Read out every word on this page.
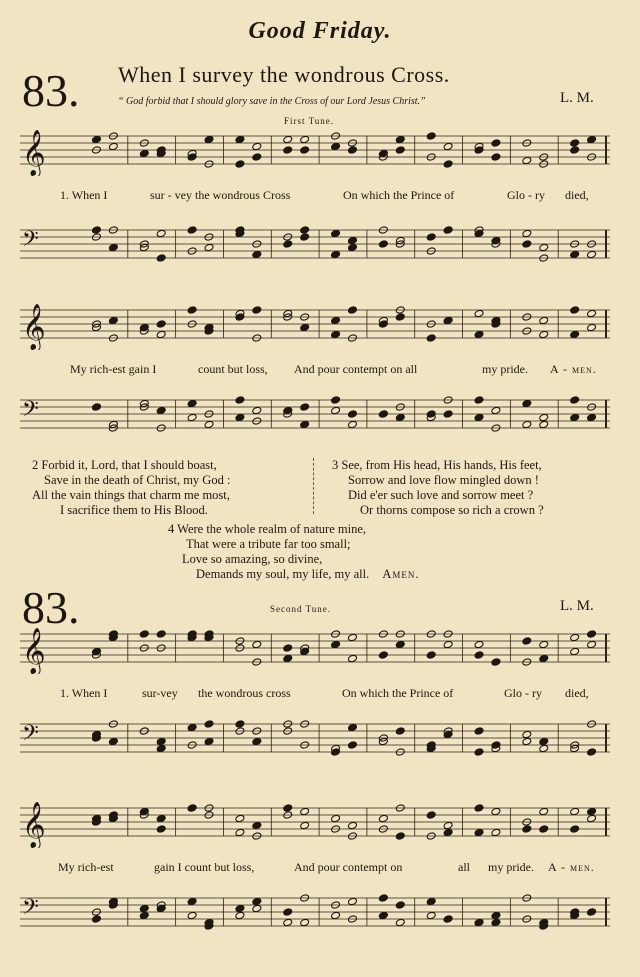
Good Friday.
83. When I survey the wondrous Cross.
“ God forbid that I should glory save in the Cross of our Lord Jesus Christ.”	L. M.
First Tune.
𝄞
1. When I	sur - vey the wondrous Cross	On which the Prince of	Glo - ry died,
𝄢
𝄞
My rich-est gain I	count but loss, And pour contempt on all	my pride. A - men.
𝄢
2 Forbid it, Lord, that I should boast,
Save in the death of Christ, my God :
All the vain things that charm me most,
I sacrifice them to His Blood.
3 See, from His head, His hands, His feet,
Sorrow and love flow mingled down !
Did e'er such love and sorrow meet ?
Or thorns compose so rich a crown ?
4 Were the whole realm of nature mine,
That were a tribute far too small;
Love so amazing, so divine,
Demands my soul, my life, my all. Amen.
83.	Second Tune.	L. M.
𝄞
1. When I	sur-vey the wondrous cross	On which the Prince of	Glo - ry died,
𝄢
𝄞
My rich-est	gain I count but loss,	And pour contempt on	all my pride. A - men.
𝄢
